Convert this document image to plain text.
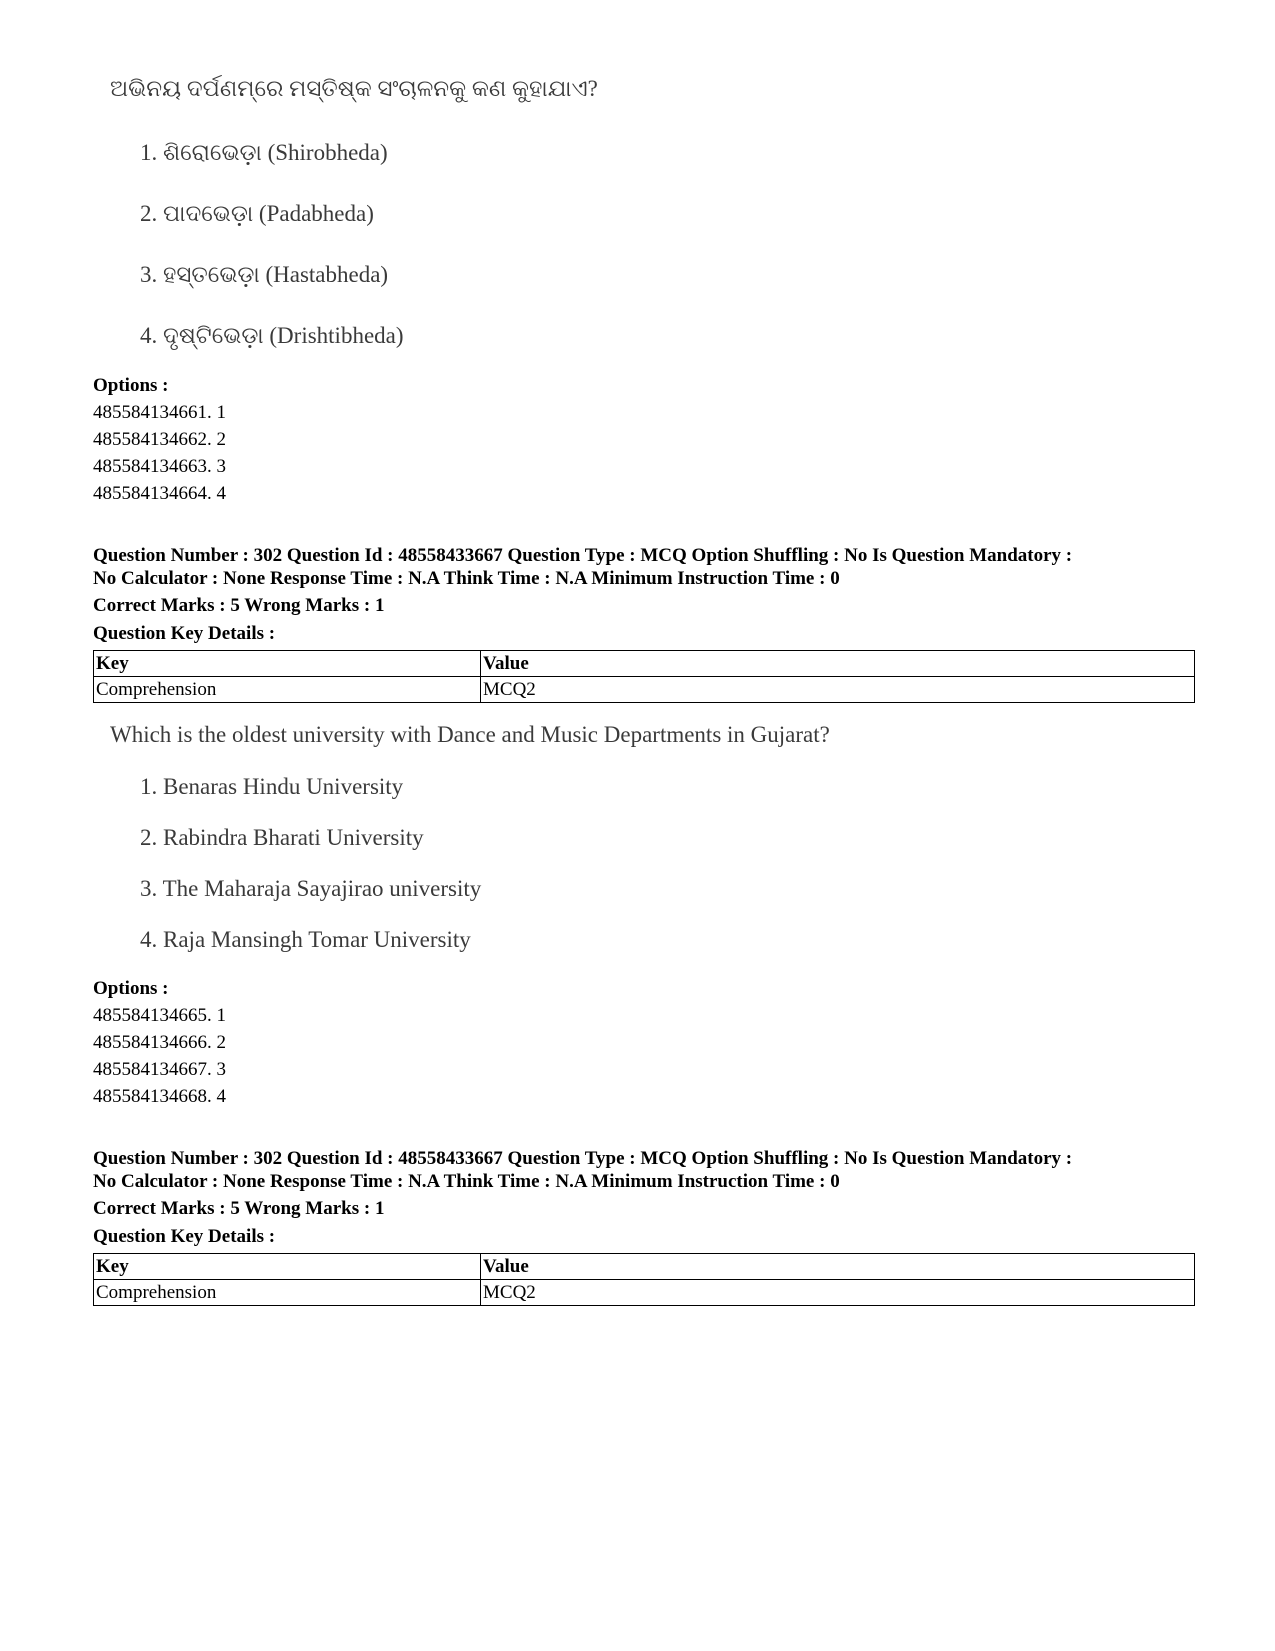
ଅଭିନୟ ଦର୍ପଣମ୍‌ରେ ମସ୍ତିଷ୍କ ସଂଚାଳନକୁ କଣ କୁହାଯାଏ?
1. ଶିରୋଭେଡ଼ା (Shirobheda)
2. ପାଦଭେଡ଼ା (Padabheda)
3. ହସ୍ତଭେଡ଼ା (Hastabheda)
4. ଦୃଷ୍ଟିଭେଡ଼ା (Drishtibheda)
Options :
485584134661. 1
485584134662. 2
485584134663. 3
485584134664. 4
Question Number : 302 Question Id : 48558433667 Question Type : MCQ Option Shuffling : No Is Question Mandatory :
No Calculator : None Response Time : N.A Think Time : N.A Minimum Instruction Time : 0
Correct Marks : 5 Wrong Marks : 1
Question Key Details :
Key	Value
Comprehension	MCQ2
Which is the oldest university with Dance and Music Departments in Gujarat?
1. Benaras Hindu University
2. Rabindra Bharati University
3. The Maharaja Sayajirao university
4. Raja Mansingh Tomar University
Options :
485584134665. 1
485584134666. 2
485584134667. 3
485584134668. 4
Question Number : 302 Question Id : 48558433667 Question Type : MCQ Option Shuffling : No Is Question Mandatory :
No Calculator : None Response Time : N.A Think Time : N.A Minimum Instruction Time : 0
Correct Marks : 5 Wrong Marks : 1
Question Key Details :
Key	Value
Comprehension	MCQ2
